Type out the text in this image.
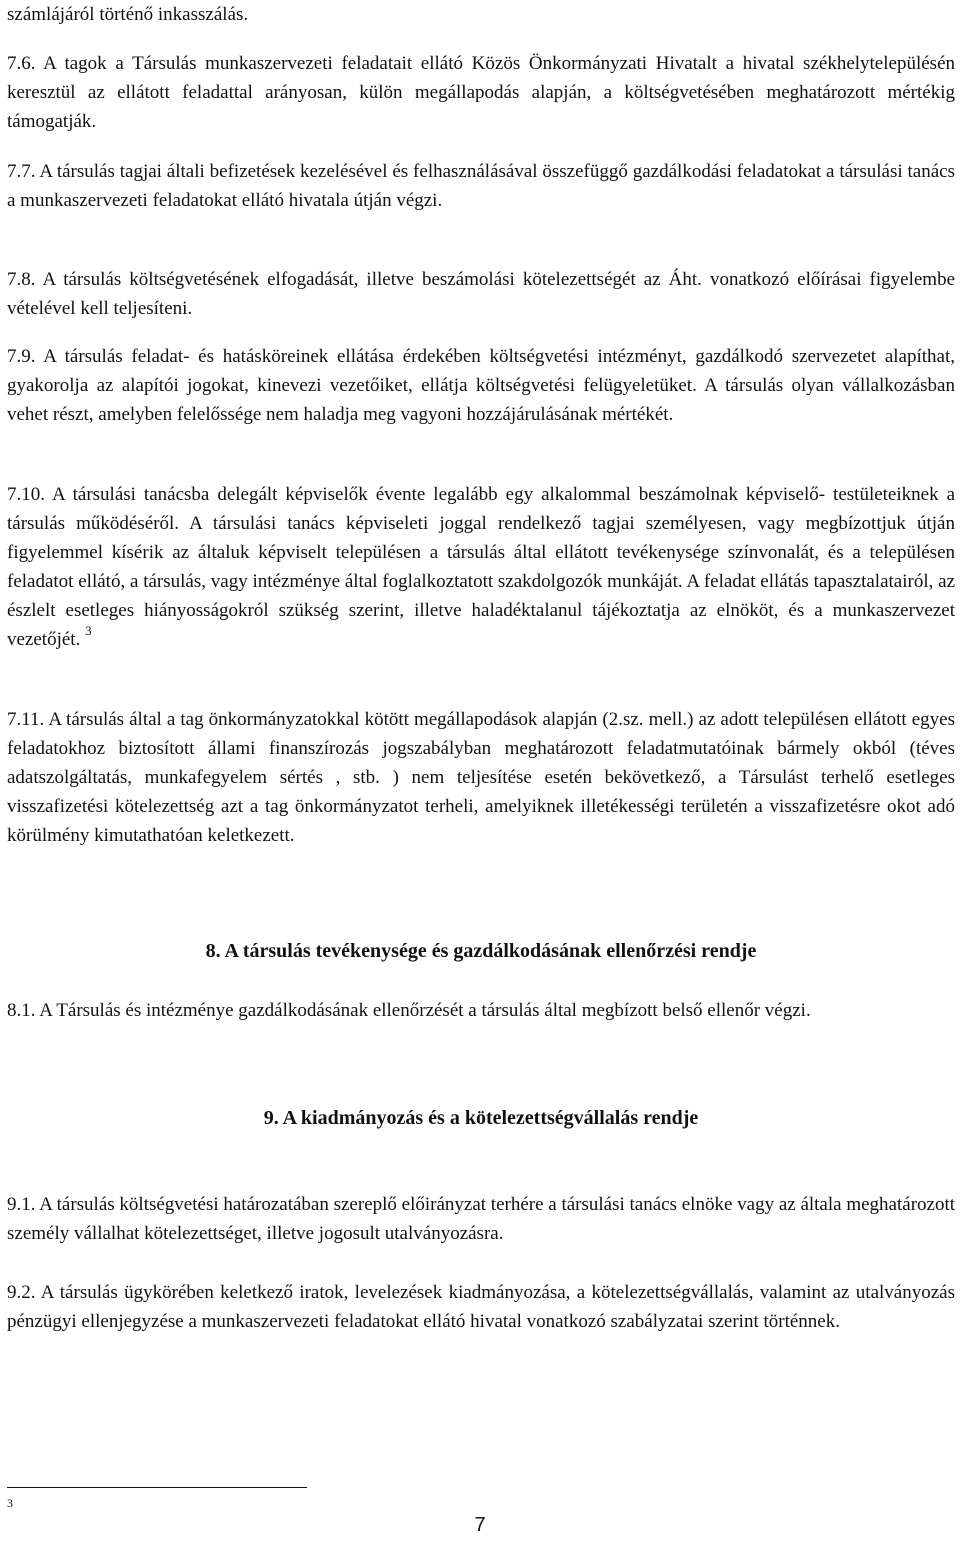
számlájáról történő inkasszálás.

7.6. A tagok a Társulás munkaszervezeti feladatait ellátó Közös Önkormányzati Hivatalt a hivatal székhelytelepülésén keresztül az ellátott feladattal arányosan, külön megállapodás alapján, a költségvetésében meghatározott mértékig támogatják.

7.7. A társulás tagjai általi befizetések kezelésével és felhasználásával összefüggő gazdálkodási feladatokat a társulási tanács a munkaszervezeti feladatokat ellátó hivatala útján végzi.

7.8. A társulás költségvetésének elfogadását, illetve beszámolási kötelezettségét az Áht. vonatkozó előírásai figyelembe vételével kell teljesíteni.

7.9. A társulás feladat- és hatásköreinek ellátása érdekében költségvetési intézményt, gazdálkodó szervezetet alapíthat, gyakorolja az alapítói jogokat, kinevezi vezetőiket, ellátja költségvetési felügyeletüket. A társulás olyan vállalkozásban vehet részt, amelyben felelőssége nem haladja meg vagyoni hozzájárulásának mértékét.

7.10. A társulási tanácsba delegált képviselők évente legalább egy alkalommal beszámolnak képviselő- testületeiknek a társulás működéséről. A társulási tanács képviseleti joggal rendelkező tagjai személyesen, vagy megbízottjuk útján figyelemmel kísérik az általuk képviselt településen a társulás által ellátott tevékenysége színvonalát, és a településen feladatot ellátó, a társulás, vagy intézménye által foglalkoztatott szakdolgozók munkáját. A feladat ellátás tapasztalatairól, az észlelt esetleges hiányosságokról szükség szerint, illetve haladéktalanul tájékoztatja az elnököt, és a munkaszervezet vezetőjét. $^3$

7.11. A társulás által a tag önkormányzatokkal kötött megállapodások alapján (2.sz. mell.) az adott településen ellátott egyes feladatokhoz biztosított állami finanszírozás jogszabályban meghatározott feladatmutatóinak bármely okból (téves adatszolgáltatás, munkafegyelem sértés , stb. ) nem teljesítése esetén bekövetkező, a Társulást terhelő esetleges visszafizetési kötelezettség azt a tag önkormányzatot terheli, amelyiknek illetékességi területén a visszafizetésre okot adó körülmény kimutathatóan keletkezett.

8. A társulás tevékenysége és gazdálkodásának ellenőrzési rendje

8.1. A Társulás és intézménye gazdálkodásának ellenőrzését a társulás által megbízott belső ellenőr végzi.

9. A kiadmányozás és a kötelezettségvállalás rendje

9.1. A társulás költségvetési határozatában szereplő előirányzat terhére a társulási tanács elnöke vagy az általa meghatározott személy vállalhat kötelezettséget, illetve jogosult utalványozásra.

9.2. A társulás ügykörében keletkező iratok, levelezések kiadmányozása, a kötelezettségvállalás, valamint az utalványozás pénzügyi ellenjegyzése a munkaszervezeti feladatokat ellátó hivatal vonatkozó szabályzatai szerint történnek.

3
7
